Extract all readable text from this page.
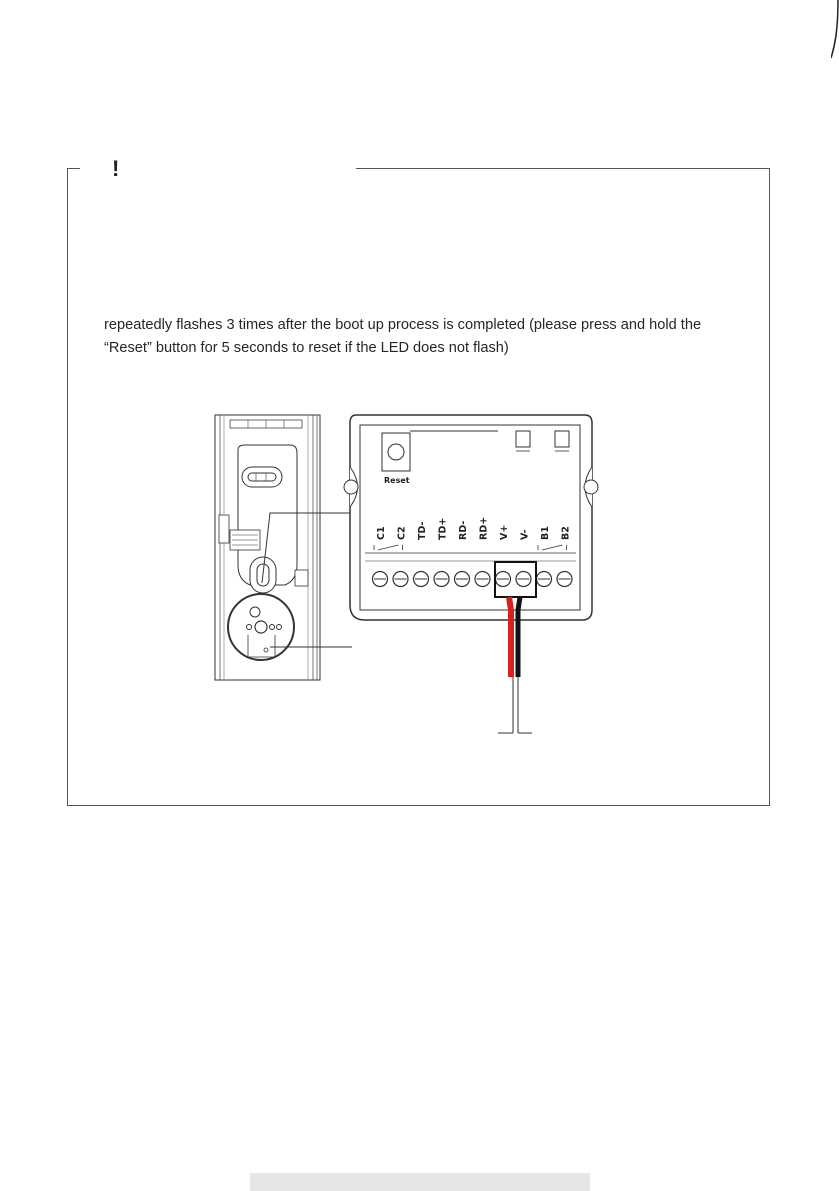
!

repeatedly flashes 3 times after the boot up process is completed (please press and hold the

“Reset” button for 5 seconds to reset if the LED does not flash)

Reset
C1 C2 TD- TD+ RD- RD+ V+ V- B1 B2
